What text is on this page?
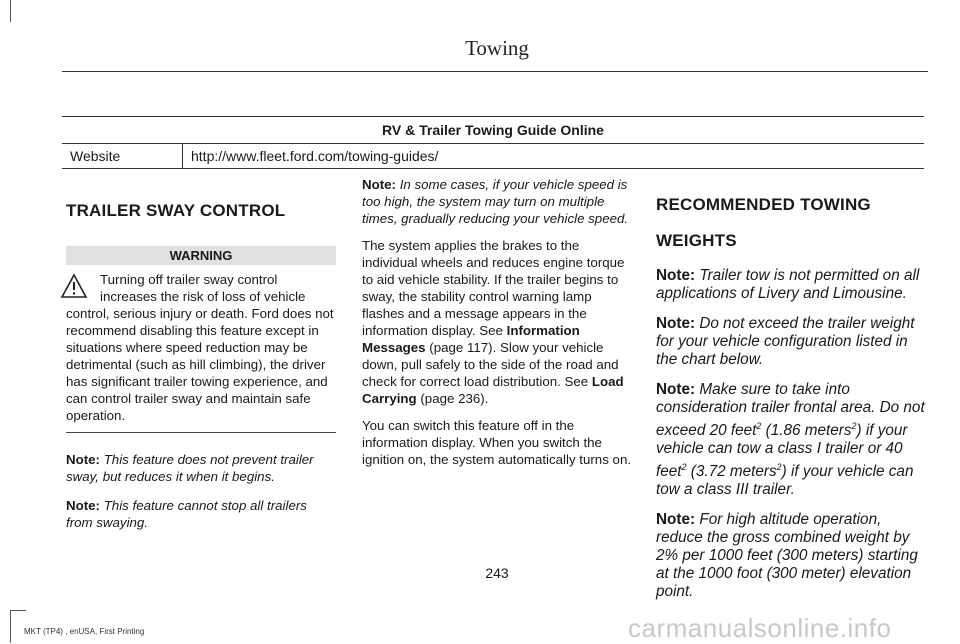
Towing
RV & Trailer Towing Guide Online
Website	http://www.fleet.ford.com/towing-guides/

TRAILER SWAY CONTROL

WARNING
Turning off trailer sway control
increases the risk of loss of vehicle
control, serious injury or death. Ford does not recommend disabling this feature except in situations where speed reduction may be detrimental (such as hill climbing), the driver has significant trailer towing experience, and can control trailer sway and maintain safe operation.

Note: This feature does not prevent trailer sway, but reduces it when it begins.

Note: This feature cannot stop all trailers from swaying.

Note: In some cases, if your vehicle speed is too high, the system may turn on multiple times, gradually reducing your vehicle speed.

The system applies the brakes to the individual wheels and reduces engine torque to aid vehicle stability. If the trailer begins to sway, the stability control warning lamp flashes and a message appears in the information display. See Information Messages (page 117). Slow your vehicle down, pull safely to the side of the road and check for correct load distribution. See Load Carrying (page 236).

You can switch this feature off in the information display. When you switch the ignition on, the system automatically turns on.

RECOMMENDED TOWING

WEIGHTS

Note: Trailer tow is not permitted on all applications of Livery and Limousine.

Note: Do not exceed the trailer weight for your vehicle configuration listed in the chart below.

Note: Make sure to take into consideration trailer frontal area. Do not exceed 20 feet$^2$ (1.86 meters$^2$) if your vehicle can tow a class I trailer or 40 feet$^2$ (3.72 meters$^2$) if your vehicle can tow a class III trailer.

Note: For high altitude operation, reduce the gross combined weight by 2% per 1000 feet (300 meters) starting at the 1000 foot (300 meter) elevation point.

243
MKT (TP4) , enUSA, First Printing	carmanualsonline.info
